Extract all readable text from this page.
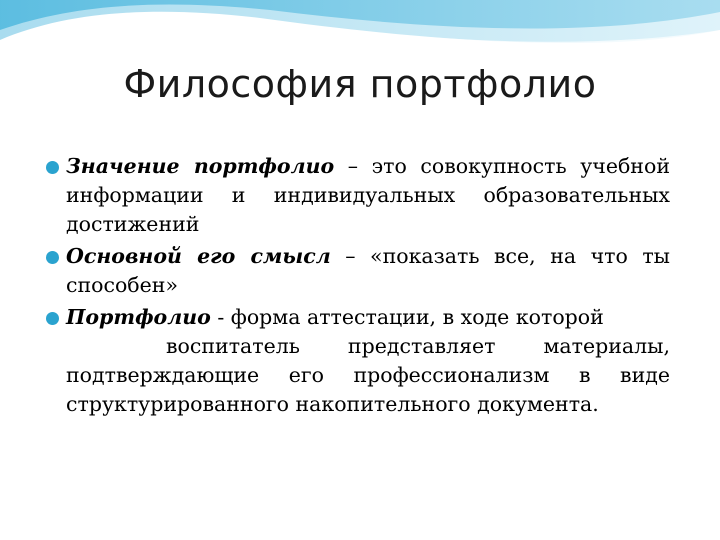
Философия портфолио
Значение портфолио – это совокупность учебной информации и индивидуальных образовательных достижений
Основной его смысл – «показать все, на что ты способен»
Портфолио - форма аттестации, в ходе которой
воспитатель представляет материалы, подтверждающие его профессионализм в виде структурированного накопительного документа.
